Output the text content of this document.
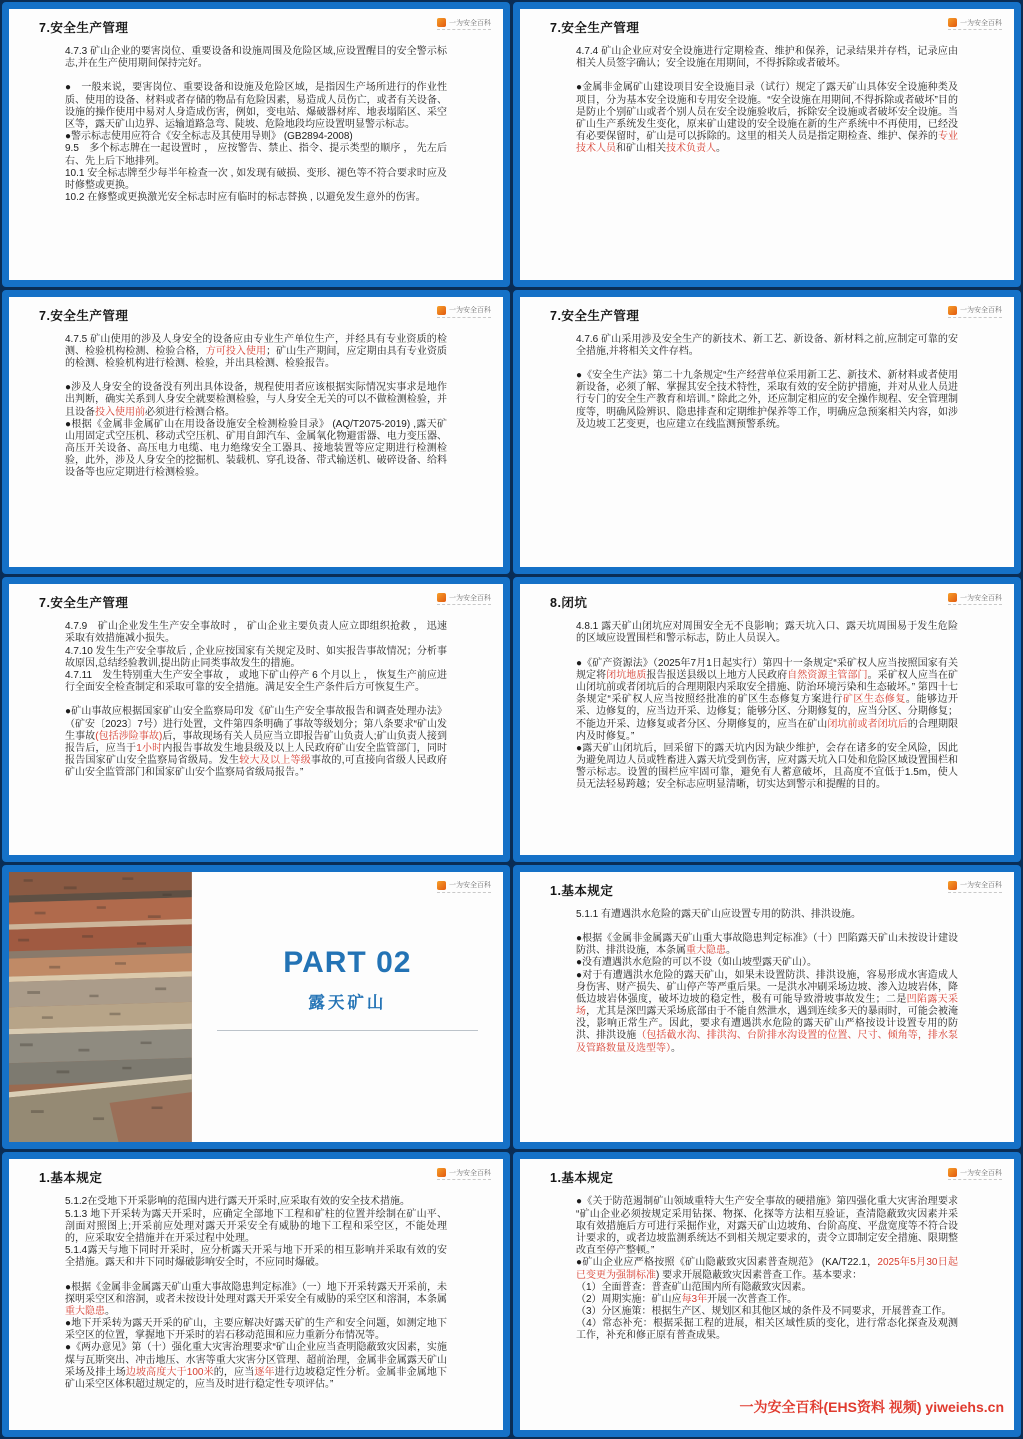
7.安全生产管理	一为安全百科

4.7.3 矿山企业的要害岗位、重要设备和设施周围及危险区域,应设置醒目的安全警示标志,并在生产使用期间保持完好。

●　一般来说，要害岗位、重要设备和设施及危险区域，是指因生产场所进行的作业性质、使用的设备、材料或者存储的物品有危险因素，易造成人员伤亡，或者有关设备、设施的操作使用中易对人身造成伤害，例如，变电站、爆破器材库、地表塌陷区、采空区等，露天矿山边界、运输道路急弯、陡坡、危险地段均应设置明显警示标志。

●警示标志使用应符合《安全标志及其使用导则》 (GB2894-2008)

9.5　多个标志牌在一起设置时 ， 应按警告、禁止、指令、提示类型的顺序 ， 先左后右、先上后下地排列。

10.1 安全标志牌至少每半年检查一次 , 如发现有破损、变形、褪色等不符合要求时应及时修整或更换。

10.2 在修整或更换激光安全标志时应有临时的标志替换 , 以避免发生意外的伤害。

7.安全生产管理	一为安全百科

4.7.4 矿山企业应对安全设施进行定期检查、维护和保养，记录结果并存档，记录应由相关人员签字确认；安全设施在用期间，不得拆除或者破坏。

●金属非金属矿山建设项目安全设施目录（试行）规定了露天矿山具体安全设施种类及项目，分为基本安全设施和专用安全设施。“安全设施在用期间,不得拆除或者破坏”目的是防止个别矿山或者个别人员在安全设施验收后，拆除安全设施或者破坏安全设施。当矿山生产系统发生变化，原来矿山建设的安全设施在新的生产系统中不再使用，已经没有必要保留时，矿山是可以拆除的。这里的相关人员是指定期检查、维护、保养的专业技术人员和矿山相关技术负责人。

7.安全生产管理	一为安全百科

4.7.5 矿山使用的涉及人身安全的设备应由专业生产单位生产，并经具有专业资质的检测、检验机构检测、检验合格，方可投入使用；矿山生产期间，应定期由具有专业资质的检测、检验机构进行检测、检验，并出具检测、检验报告。

●涉及人身安全的设备没有列出具体设备，规程使用者应该根据实际情况实事求是地作出判断，确实关系到人身安全就要检测检验，与人身安全无关的可以不做检测检验，并且设备投入使用前必须进行检测合格。

●根据《金属非金属矿山在用设备设施安全检测检验目录》 (AQ/T2075-2019) ,露天矿山用固定式空压机、移动式空压机、矿用自卸汽车、金属氧化物避雷器、电力变压器、高压开关设备、高压电力电缆、电力绝缘安全工器具、接地装置等应定期进行检测检验，此外，涉及人身安全的挖掘机、装载机、穿孔设备、带式输送机、破碎设备、给料设备等也应定期进行检测检验。

7.安全生产管理	一为安全百科

4.7.6 矿山采用涉及安全生产的新技术、新工艺、新设备、新材料之前,应制定可靠的安全措施,并将相关文件存档。

●《安全生产法》第二十九条规定“生产经营单位采用新工艺、新技术、新材料或者使用新设备，必须了解、掌握其安全技术特性，采取有效的安全防护措施，并对从业人员进行专门的安全生产教育和培训。” 除此之外，还应制定相应的安全操作规程、安全管理制度等，明确风险辨识、隐患排查和定期维护保养等工作，明确应急预案相关内容，如涉及边坡工艺变更，也应建立在线监测预警系统。

7.安全生产管理	一为安全百科

4.7.9　矿山企业发生生产安全事故时 ， 矿山企业主要负责人应立即组织抢救 ， 迅速采取有效措施减小损失。

4.7.10 发生生产安全事故后 , 企业应按国家有关规定及时、如实报告事故情况；分析事故原因,总结经验教训,提出防止同类事故发生的措施。

4.7.11　发生特别重大生产安全事故 ， 或地下矿山停产 6 个月以上 ， 恢复生产前应进行全面安全检查制定和采取可靠的安全措施。满足安全生产条件后方可恢复生产。

●矿山事故应根据国家矿山安全监察局印发《矿山生产安全事故报告和调查处理办法》（矿安〔2023〕7号）进行处置，文件第四条明确了事故等级划分；第八条要求“矿山发生事故(包括涉险事故)后，事故现场有关人员应当立即报告矿山负责人;矿山负责人接到报告后，应当于1小时内报告事故发生地县级及以上人民政府矿山安全监管部门，同时报告国家矿山安全监察局省级局。发生较大及以上等级事故的,可直接向省级人民政府矿山安全监管部门和国家矿山安个监察局省级局报告。”

8.闭坑	一为安全百科

4.8.1 露天矿山闭坑应对周围安全无不良影响；露天坑入口、露天坑周围易于发生危险的区域应设置围栏和警示标志，防止人员误入。

●《矿产资源法》（2025年7月1日起实行）第四十一条规定“采矿权人应当按照国家有关规定将闭坑地质报告报送县级以上地方人民政府自然资源主管部门。采矿权人应当在矿山闭坑前或者闭坑后的合理期限内采取安全措施、防治环境污染和生态破坏。” 第四十七条规定“采矿权人应当按照经批准的矿区生态修复方案进行矿区生态修复。能够边开采、边修复的，应当边开采、边修复；能够分区、分期修复的，应当分区、分期修复；不能边开采、边修复或者分区、分期修复的，应当在矿山闭坑前或者闭坑后的合理期限内及时修复。”

●露天矿山闭坑后，回采留下的露天坑内因为缺少维护，会存在诸多的安全风险，因此为避免周边人员或牲畜进入露天坑受到伤害，应对露天坑入口处和危险区域设置围栏和警示标志。设置的围栏应牢固可靠，避免有人蓄意破坏，且高度不宜低于1.5m，使人员无法轻易跨越；安全标志应明显清晰，切实达到警示和提醒的目的。

一为安全百科
PART 02
露天矿山
1.基本规定	一为安全百科

5.1.1 有遭遇洪水危险的露天矿山应设置专用的防洪、排洪设施。

●根据《金属非金属露天矿山重大事故隐患判定标准》（十）凹陷露天矿山未按设计建设防洪、排洪设施，本条属重大隐患。

●没有遭遇洪水危险的可以不设（如山坡型露天矿山）。

●对于有遭遇洪水危险的露天矿山，如果未设置防洪、排洪设施，容易形成水害造成人身伤害、财产损失、矿山停产等严重后果。一是洪水冲刷采场边坡、渗入边坡岩体，降低边坡岩体强度，破坏边坡的稳定性，极有可能导致滑坡事故发生；二是凹陷露天采场，尤其是深凹露天采场底部由于不能自然泄水，遇到连续多天的暴雨时，可能会被淹没，影响正常生产。因此，要求有遭遇洪水危险的露天矿山严格按设计设置专用的防洪、排洪设施（包括截水沟、排洪沟、台阶排水沟设置的位置、尺寸、倾角等，排水泵及管路数量及选型等）。

1.基本规定	一为安全百科

5.1.2在受地下开采影响的范围内进行露天开采时,应采取有效的安全技术措施。

5.1.3 地下开采转为露天开采时，应确定全部地下工程和矿柱的位置并绘制在矿山平、剖面对照图上;开采前应处理对露天开采安全有威胁的地下工程和采空区，不能处理的，应采取安全措施并在开采过程中处理。

5.1.4露天与地下同时开采时，应分析露天开采与地下开采的相互影响并采取有效的安全措施。露天和井下同时爆破影响安全时，不应同时爆破。

●根据《金属非金属露天矿山重大事故隐患判定标准》（一）地下开采转露天开采前，未探明采空区和溶洞，或者未按设计处理对露天开采安全有威胁的采空区和溶洞，本条属重大隐患。

●地下开采转为露天开采的矿山，主要应解决好露天矿的生产和安全问题，如测定地下采空区的位置，掌握地下开采时的岩石移动范围和应力重新分布情况等。

●《两办意见》第（十）强化重大灾害治理要求“矿山企业应当查明隐蔽致灾因素，实施煤与瓦斯突出、冲击地压、水害等重大灾害分区管理、超前治理，金属非金属露天矿山采场及排土场边坡高度大于100米的，应当逐年进行边坡稳定性分析。金属非金属地下矿山采空区体积超过规定的，应当及时进行稳定性专项评估。”

1.基本规定	一为安全百科

●《关于防范遏制矿山领域重特大生产安全事故的硬措施》第四强化重大灾害治理要求“矿山企业必须按规定采用钻探、物探、化探等方法相互验证，查清隐蔽致灾因素并采取有效措施后方可进行采掘作业，对露天矿山边坡角、台阶高度、平盘宽度等不符合设计要求的，或者边坡监测系统达不到相关规定要求的，责令立即制定安全措施、限期整改直至停产整顿。”

●矿山企业应严格按照《矿山隐蔽致灾因素普查规范》 (KA/T22.1，2025年5月30日起已变更为强制标准) 要求开展隐蔽致灾因素普查工作。基本要求：

（1）全面普查：普查矿山范围内所有隐蔽致灾因素。

（2）周期实施：矿山应每3年开展一次普查工作。

（3）分区施策：根据生产区、规划区和其他区域的条件及不同要求，开展普查工作。

（4）常态补充：根据采掘工程的进展，相关区域性质的变化，进行常态化探查及观测工作，补充和修正原有普查成果。

一为安全百科(EHS资料 视频) yiweiehs.cn
